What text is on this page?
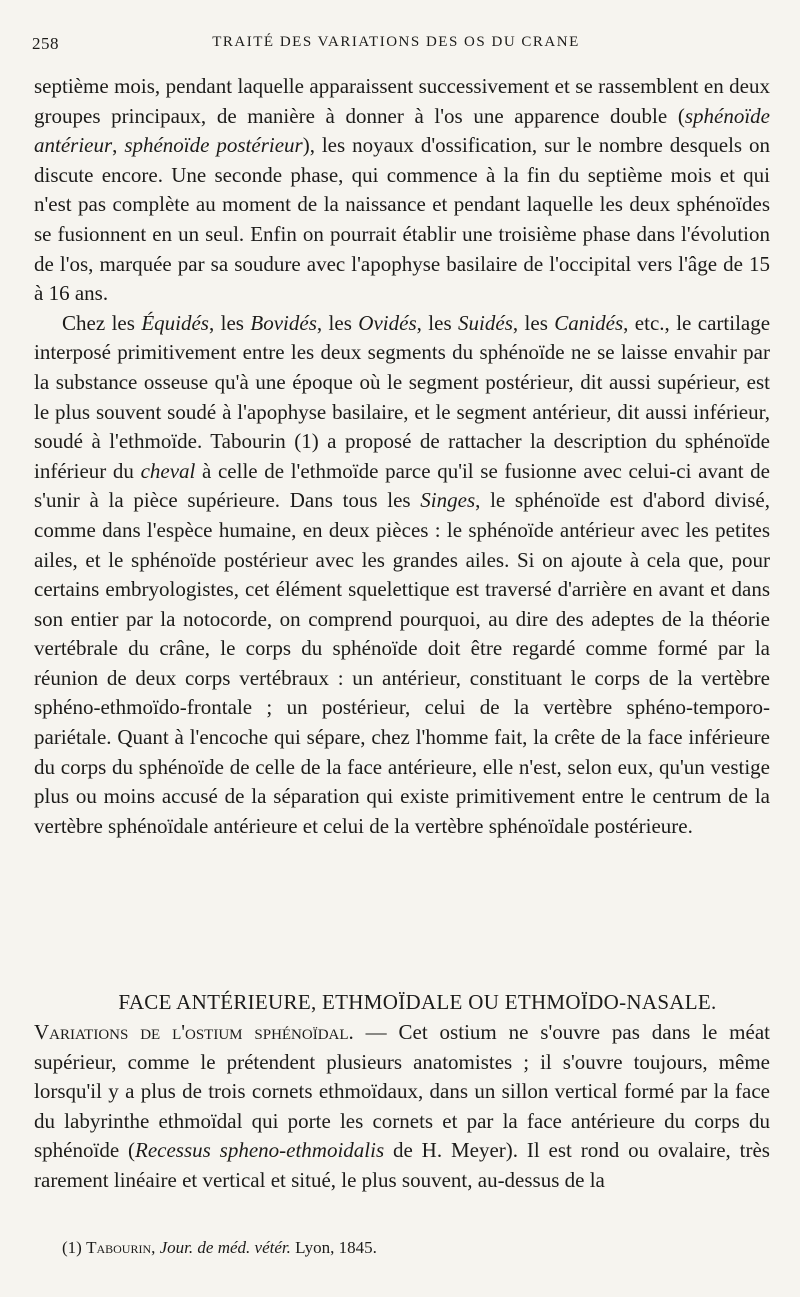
258	TRAITÉ DES VARIATIONS DES OS DU CRANE

septième mois, pendant laquelle apparaissent successivement et se rassemblent en deux groupes principaux, de manière à donner à l'os une apparence double (sphénoïde antérieur, sphénoïde postérieur), les noyaux d'ossification, sur le nombre desquels on discute encore. Une seconde phase, qui commence à la fin du septième mois et qui n'est pas complète au moment de la naissance et pendant laquelle les deux sphénoïdes se fusionnent en un seul. Enfin on pourrait établir une troisième phase dans l'évolution de l'os, marquée par sa soudure avec l'apophyse basilaire de l'occipital vers l'âge de 15 à 16 ans.

Chez les Équidés, les Bovidés, les Ovidés, les Suidés, les Canidés, etc., le cartilage interposé primitivement entre les deux segments du sphénoïde ne se laisse envahir par la substance osseuse qu'à une époque où le segment postérieur, dit aussi supérieur, est le plus souvent soudé à l'apophyse basilaire, et le segment antérieur, dit aussi inférieur, soudé à l'ethmoïde. Tabourin (1) a proposé de rattacher la description du sphénoïde inférieur du cheval à celle de l'ethmoïde parce qu'il se fusionne avec celui-ci avant de s'unir à la pièce supérieure. Dans tous les Singes, le sphénoïde est d'abord divisé, comme dans l'espèce humaine, en deux pièces : le sphénoïde antérieur avec les petites ailes, et le sphénoïde postérieur avec les grandes ailes. Si on ajoute à cela que, pour certains embryologistes, cet élément squelettique est traversé d'arrière en avant et dans son entier par la notocorde, on comprend pourquoi, au dire des adeptes de la théorie vertébrale du crâne, le corps du sphénoïde doit être regardé comme formé par la réunion de deux corps vertébraux : un antérieur, constituant le corps de la vertèbre sphéno-ethmoïdo-frontale ; un postérieur, celui de la vertèbre sphéno-temporo-pariétale. Quant à l'encoche qui sépare, chez l'homme fait, la crête de la face inférieure du corps du sphénoïde de celle de la face antérieure, elle n'est, selon eux, qu'un vestige plus ou moins accusé de la séparation qui existe primitivement entre le centrum de la vertèbre sphénoïdale antérieure et celui de la vertèbre sphénoïdale postérieure.

FACE ANTÉRIEURE, ETHMOÏDALE OU ETHMOÏDO-NASALE.

Variations de l'ostium sphénoïdal. — Cet ostium ne s'ouvre pas dans le méat supérieur, comme le prétendent plusieurs anatomistes ; il s'ouvre toujours, même lorsqu'il y a plus de trois cornets ethmoïdaux, dans un sillon vertical formé par la face du labyrinthe ethmoïdal qui porte les cornets et par la face antérieure du corps du sphénoïde (Recessus spheno-ethmoidalis de H. Meyer). Il est rond ou ovalaire, très rarement linéaire et vertical et situé, le plus souvent, au-dessus de la

(1) Tabourin, Jour. de méd. vétér. Lyon, 1845.
